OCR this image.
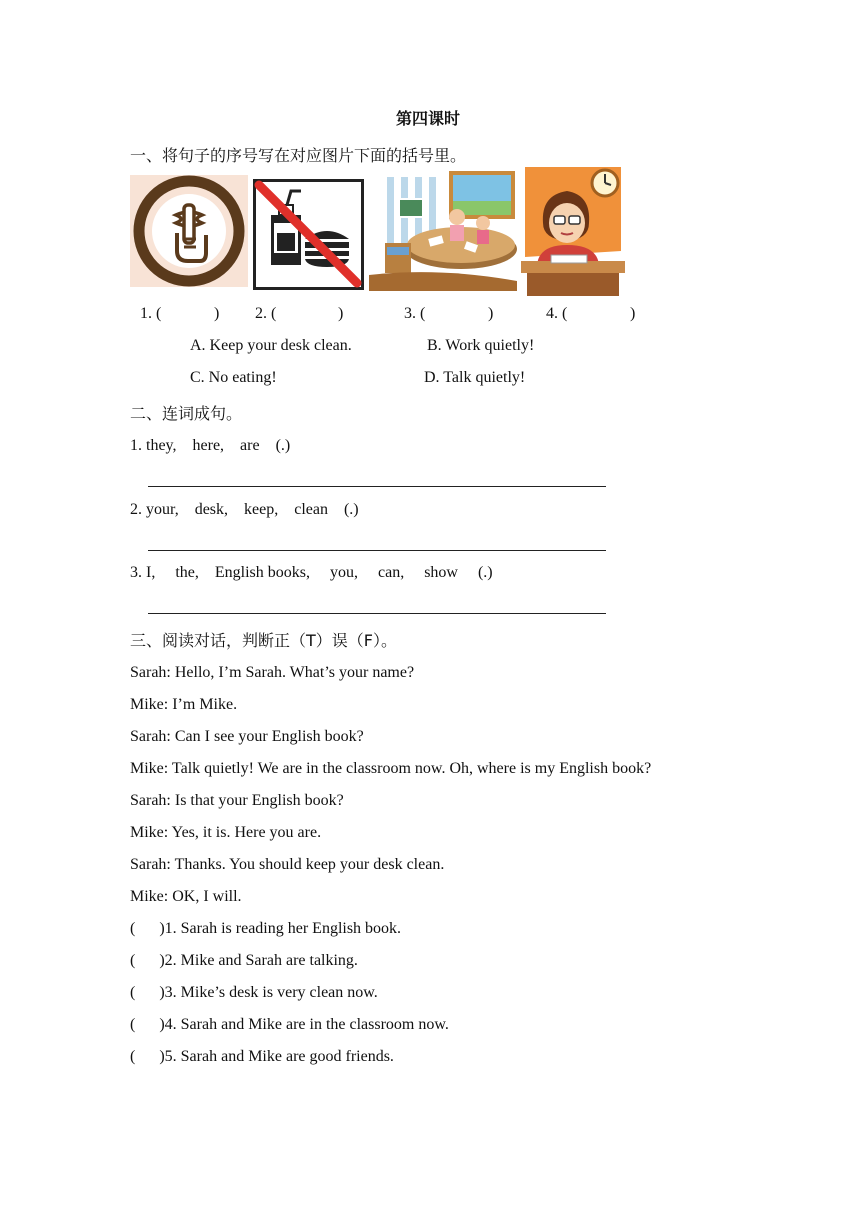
第四课时
一、将句子的序号写在对应图片下面的括号里。
1. (	) 2. (	)	3. (	)	4. (	)
A. Keep your desk clean.	B. Work quietly!
C. No eating!	D. Talk quietly!
二、连词成句。
1. they,    here,    are    (.)
2. your,    desk,    keep,    clean    (.)
3. I,     the,    English books,     you,     can,     show     (.)
三、阅读对话，判断正（T）误（F）。
Sarah: Hello, I’m Sarah. What’s your name?
Mike: I’m Mike.
Sarah: Can I see your English book?
Mike: Talk quietly! We are in the classroom now. Oh, where is my English book?
Sarah: Is that your English book?
Mike: Yes, it is. Here you are.
Sarah: Thanks. You should keep your desk clean.
Mike: OK, I will.
(      )1. Sarah is reading her English book.
(      )2. Mike and Sarah are talking.
(      )3. Mike’s desk is very clean now.
(      )4. Sarah and Mike are in the classroom now.
(      )5. Sarah and Mike are good friends.
